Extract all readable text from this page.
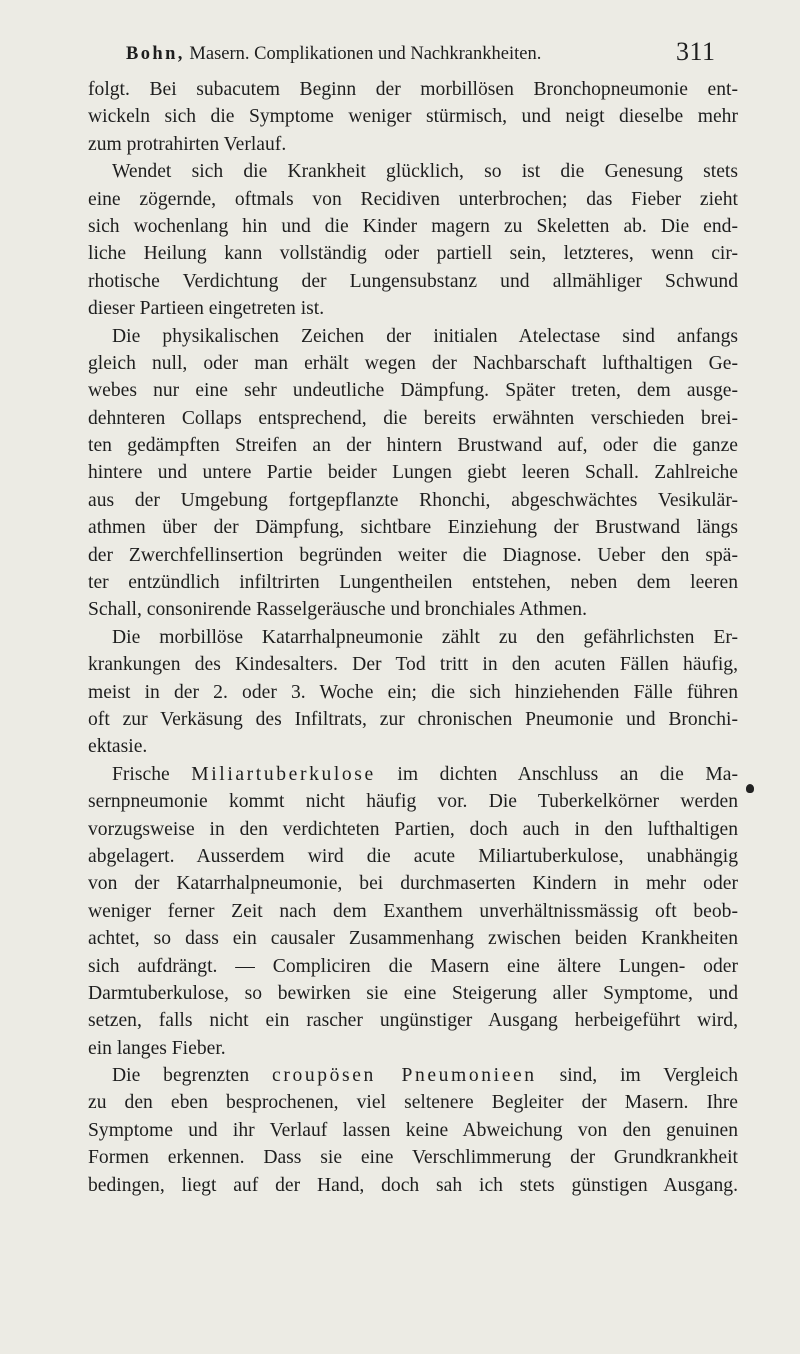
Bohn, Masern. Complikationen und Nachkrankheiten.	311
folgt. Bei subacutem Beginn der morbillösen Bronchopneumonie ent-
wickeln sich die Symptome weniger stürmisch, und neigt dieselbe mehr
zum protrahirten Verlauf.
Wendet sich die Krankheit glücklich, so ist die Genesung stets
eine zögernde, oftmals von Recidiven unterbrochen; das Fieber zieht
sich wochenlang hin und die Kinder magern zu Skeletten ab. Die end-
liche Heilung kann vollständig oder partiell sein, letzteres, wenn cir-
rhotische Verdichtung der Lungensubstanz und allmähliger Schwund
dieser Partieen eingetreten ist.
Die physikalischen Zeichen der initialen Atelectase sind anfangs
gleich null, oder man erhält wegen der Nachbarschaft lufthaltigen Ge-
webes nur eine sehr undeutliche Dämpfung. Später treten, dem ausge-
dehnteren Collaps entsprechend, die bereits erwähnten verschieden brei-
ten gedämpften Streifen an der hintern Brustwand auf, oder die ganze
hintere und untere Partie beider Lungen giebt leeren Schall. Zahlreiche
aus der Umgebung fortgepflanzte Rhonchi, abgeschwächtes Vesikulär-
athmen über der Dämpfung, sichtbare Einziehung der Brustwand längs
der Zwerchfellinsertion begründen weiter die Diagnose. Ueber den spä-
ter entzündlich infiltrirten Lungentheilen entstehen, neben dem leeren
Schall, consonirende Rasselgeräusche und bronchiales Athmen.
Die morbillöse Katarrhalpneumonie zählt zu den gefährlichsten Er-
krankungen des Kindesalters. Der Tod tritt in den acuten Fällen häufig,
meist in der 2. oder 3. Woche ein; die sich hinziehenden Fälle führen
oft zur Verkäsung des Infiltrats, zur chronischen Pneumonie und Bronchi-
ektasie.
Frische Miliartuberkulose im dichten Anschluss an die Ma-
sernpneumonie kommt nicht häufig vor. Die Tuberkelkörner werden
vorzugsweise in den verdichteten Partien, doch auch in den lufthaltigen
abgelagert. Ausserdem wird die acute Miliartuberkulose, unabhängig
von der Katarrhalpneumonie, bei durchmaserten Kindern in mehr oder
weniger ferner Zeit nach dem Exanthem unverhältnissmässig oft beob-
achtet, so dass ein causaler Zusammenhang zwischen beiden Krankheiten
sich aufdrängt. — Compliciren die Masern eine ältere Lungen- oder
Darmtuberkulose, so bewirken sie eine Steigerung aller Symptome, und
setzen, falls nicht ein rascher ungünstiger Ausgang herbeigeführt wird,
ein langes Fieber.
Die begrenzten croupösen Pneumonieen sind, im Vergleich
zu den eben besprochenen, viel seltenere Begleiter der Masern. Ihre
Symptome und ihr Verlauf lassen keine Abweichung von den genuinen
Formen erkennen. Dass sie eine Verschlimmerung der Grundkrankheit
bedingen, liegt auf der Hand, doch sah ich stets günstigen Ausgang.
